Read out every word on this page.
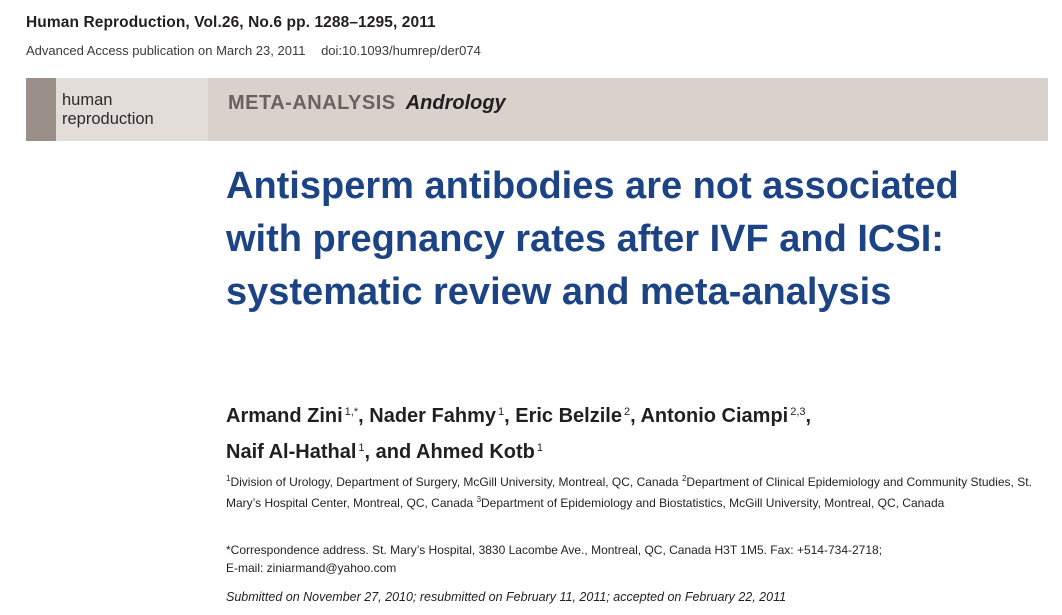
Human Reproduction, Vol.26, No.6 pp. 1288–1295, 2011
Advanced Access publication on March 23, 2011 doi:10.1093/humrep/der074
human
reproduction
META-ANALYSIS Andrology
Antisperm antibodies are not associated with pregnancy rates after IVF and ICSI: systematic review and meta-analysis
Armand Zini $^{1,*}$, Nader Fahmy $^1$, Eric Belzile $^2$, Antonio Ciampi $^{2,3}$,
Naif Al-Hathal $^1$, and Ahmed Kotb $^1$
$^1$Division of Urology, Department of Surgery, McGill University, Montreal, QC, Canada $^2$Department of Clinical Epidemiology and Community Studies, St. Mary’s Hospital Center, Montreal, QC, Canada $^3$Department of Epidemiology and Biostatistics, McGill University, Montreal, QC, Canada
*Correspondence address. St. Mary’s Hospital, 3830 Lacombe Ave., Montreal, QC, Canada H3T 1M5. Fax: +514-734-2718;
E-mail: ziniarmand@yahoo.com
Submitted on November 27, 2010; resubmitted on February 11, 2011; accepted on February 22, 2011
